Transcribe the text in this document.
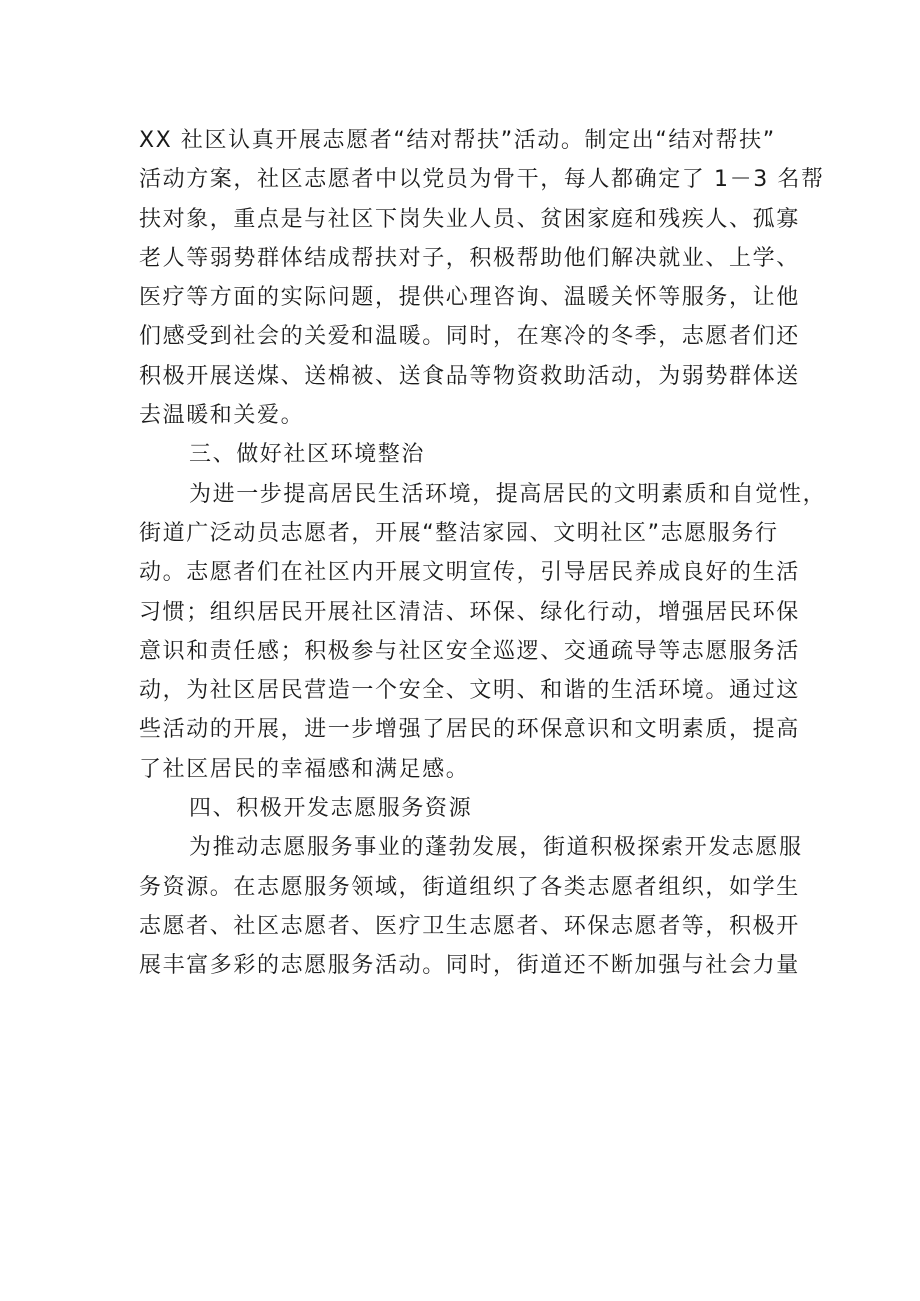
XX 社区认真开展志愿者“结对帮扶”活动。制定出“结对帮扶”
活动方案，社区志愿者中以党员为骨干，每人都确定了 1－3 名帮
扶对象，重点是与社区下岗失业人员、贫困家庭和残疾人、孤寡
老人等弱势群体结成帮扶对子，积极帮助他们解决就业、上学、
医疗等方面的实际问题，提供心理咨询、温暖关怀等服务，让他
们感受到社会的关爱和温暖。同时，在寒冷的冬季，志愿者们还
积极开展送煤、送棉被、送食品等物资救助活动，为弱势群体送
去温暖和关爱。
三、做好社区环境整治
为进一步提高居民生活环境，提高居民的文明素质和自觉性，
街道广泛动员志愿者，开展“整洁家园、文明社区”志愿服务行
动。志愿者们在社区内开展文明宣传，引导居民养成良好的生活
习惯；组织居民开展社区清洁、环保、绿化行动，增强居民环保
意识和责任感；积极参与社区安全巡逻、交通疏导等志愿服务活
动，为社区居民营造一个安全、文明、和谐的生活环境。通过这
些活动的开展，进一步增强了居民的环保意识和文明素质，提高
了社区居民的幸福感和满足感。
四、积极开发志愿服务资源
为推动志愿服务事业的蓬勃发展，街道积极探索开发志愿服
务资源。在志愿服务领域，街道组织了各类志愿者组织，如学生
志愿者、社区志愿者、医疗卫生志愿者、环保志愿者等，积极开
展丰富多彩的志愿服务活动。同时，街道还不断加强与社会力量
